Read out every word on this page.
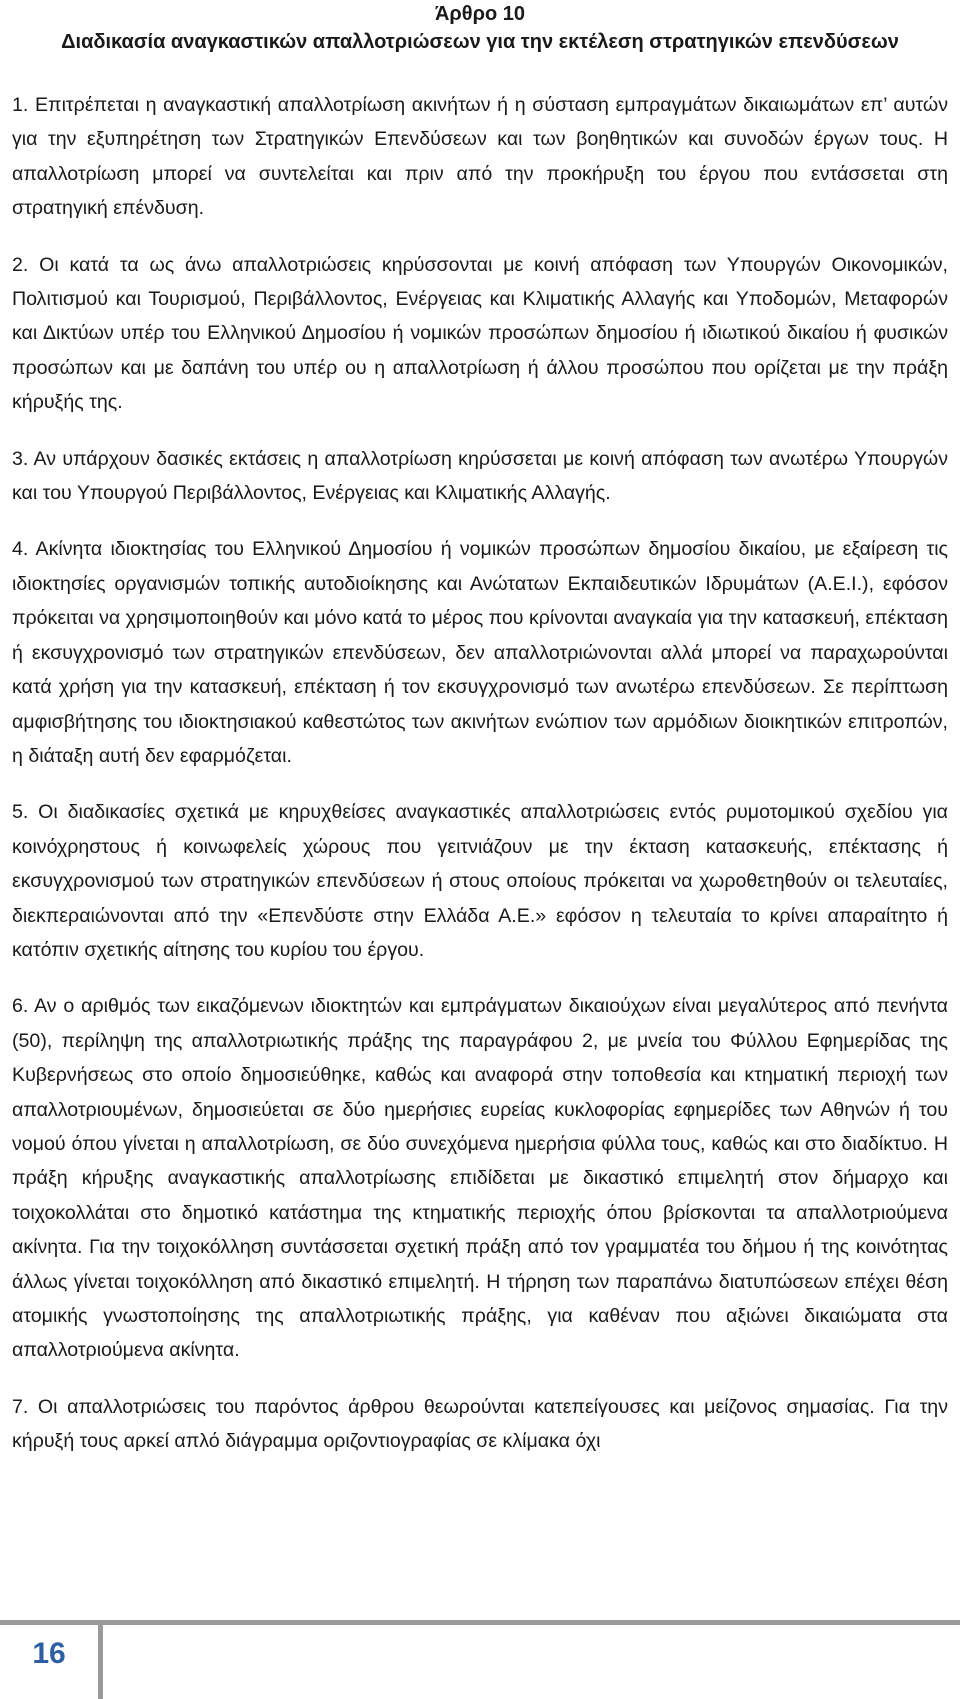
Άρθρο 10
Διαδικασία αναγκαστικών απαλλοτριώσεων για την εκτέλεση στρατηγικών επενδύσεων

1. Επιτρέπεται η αναγκαστική απαλλοτρίωση ακινήτων ή η σύσταση εμπραγμάτων δικαιωμάτων επ’ αυτών για την εξυπηρέτηση των Στρατηγικών Επενδύσεων και των βοηθητικών και συνοδών έργων τους. Η απαλλοτρίωση μπορεί να συντελείται και πριν από την προκήρυξη του έργου που εντάσσεται στη στρατηγική επένδυση.

2. Οι κατά τα ως άνω απαλλοτριώσεις κηρύσσονται με κοινή απόφαση των Υπουργών Οικονομικών, Πολιτισμού και Τουρισμού, Περιβάλλοντος, Ενέργειας και Κλιματικής Αλλαγής και Υποδομών, Μεταφορών και Δικτύων υπέρ του Ελληνικού Δημοσίου ή νομικών προσώπων δημοσίου ή ιδιωτικού δικαίου ή φυσικών προσώπων και με δαπάνη του υπέρ ου η απαλλοτρίωση ή άλλου προσώπου που ορίζεται με την πράξη κήρυξής της.

3. Αν υπάρχουν δασικές εκτάσεις η απαλλοτρίωση κηρύσσεται με κοινή απόφαση των ανωτέρω Υπουργών και του Υπουργού Περιβάλλοντος, Ενέργειας και Κλιματικής Αλλαγής.

4. Ακίνητα ιδιοκτησίας του Ελληνικού Δημοσίου ή νομικών προσώπων δημοσίου δικαίου, με εξαίρεση τις ιδιοκτησίες οργανισμών τοπικής αυτοδιοίκησης και Ανώτατων Εκπαιδευτικών Ιδρυμάτων (Α.Ε.Ι.), εφόσον πρόκειται να χρησιμοποιηθούν και μόνο κατά το μέρος που κρίνονται αναγκαία για την κατασκευή, επέκταση ή εκσυγχρονισμό των στρατηγικών επενδύσεων, δεν απαλλοτριώνονται αλλά μπορεί να παραχωρούνται κατά χρήση για την κατασκευή, επέκταση ή τον εκσυγχρονισμό των ανωτέρω επενδύσεων. Σε περίπτωση αμφισβήτησης του ιδιοκτησιακού καθεστώτος των ακινήτων ενώπιον των αρμόδιων διοικητικών επιτροπών, η διάταξη αυτή δεν εφαρμόζεται.

5. Οι διαδικασίες σχετικά με κηρυχθείσες αναγκαστικές απαλλοτριώσεις εντός ρυμοτομικού σχεδίου για κοινόχρηστους ή κοινωφελείς χώρους που γειτνιάζουν με την έκταση κατασκευής, επέκτασης ή εκσυγχρονισμού των στρατηγικών επενδύσεων ή στους οποίους πρόκειται να χωροθετηθούν οι τελευταίες, διεκπεραιώνονται από την «Επενδύστε στην Ελλάδα Α.Ε.» εφόσον η τελευταία το κρίνει απαραίτητο ή κατόπιν σχετικής αίτησης του κυρίου του έργου.

6. Αν ο αριθμός των εικαζόμενων ιδιοκτητών και εμπράγματων δικαιούχων είναι μεγαλύτερος από πενήντα (50), περίληψη της απαλλοτριωτικής πράξης της παραγράφου 2, με μνεία του Φύλλου Εφημερίδας της Κυβερνήσεως στο οποίο δημοσιεύθηκε, καθώς και αναφορά στην τοποθεσία και κτηματική περιοχή των απαλλοτριουμένων, δημοσιεύεται σε δύο ημερήσιες ευρείας κυκλοφορίας εφημερίδες των Αθηνών ή του νομού όπου γίνεται η απαλλοτρίωση, σε δύο συνεχόμενα ημερήσια φύλλα τους, καθώς και στο διαδίκτυο. Η πράξη κήρυξης αναγκαστικής απαλλοτρίωσης επιδίδεται με δικαστικό επιμελητή στον δήμαρχο και τοιχοκολλάται στο δημοτικό κατάστημα της κτηματικής περιοχής όπου βρίσκονται τα απαλλοτριούμενα ακίνητα. Για την τοιχοκόλληση συντάσσεται σχετική πράξη από τον γραμματέα του δήμου ή της κοινότητας άλλως γίνεται τοιχοκόλληση από δικαστικό επιμελητή. Η τήρηση των παραπάνω διατυπώσεων επέχει θέση ατομικής γνωστοποίησης της απαλλοτριωτικής πράξης, για καθέναν που αξιώνει δικαιώματα στα απαλλοτριούμενα ακίνητα.

7. Οι απαλλοτριώσεις του παρόντος άρθρου θεωρούνται κατεπείγουσες και μείζονος σημασίας. Για την κήρυξή τους αρκεί απλό διάγραμμα οριζοντιογραφίας σε κλίμακα όχι

16
